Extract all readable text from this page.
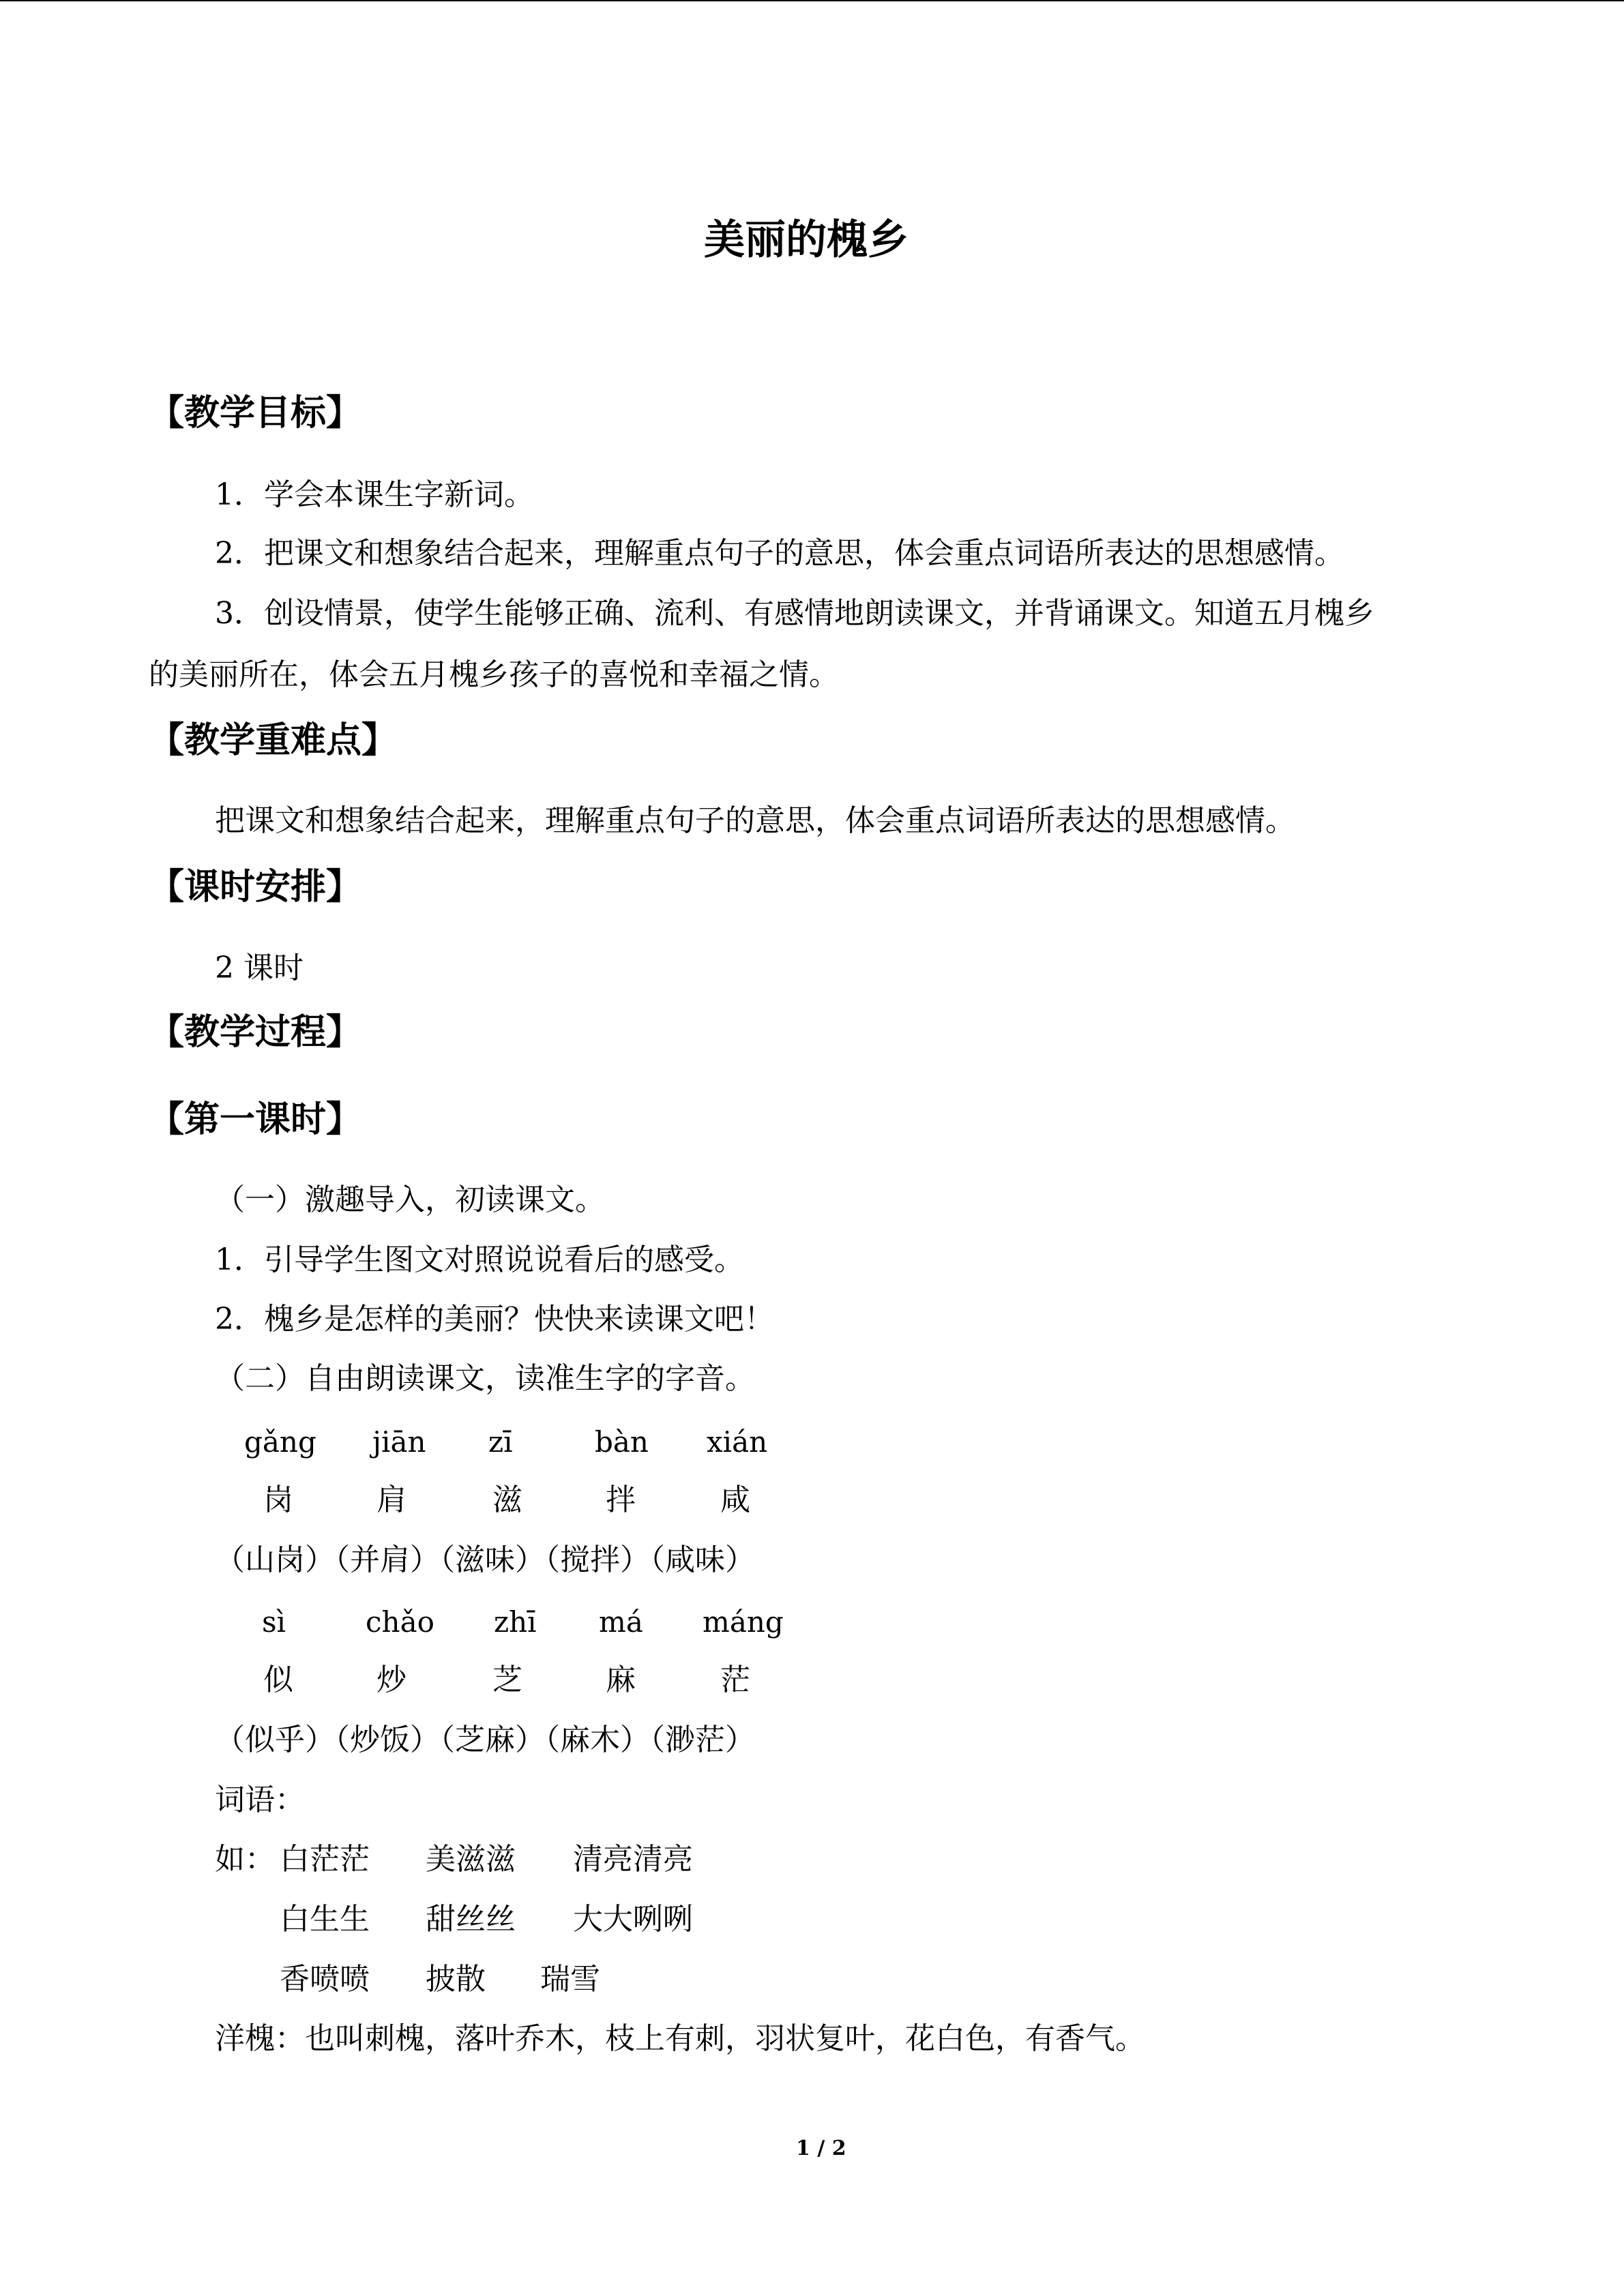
美丽的槐乡
【教学目标】
1．学会本课生字新词。
2．把课文和想象结合起来，理解重点句子的意思，体会重点词语所表达的思想感情。
3．创设情景，使学生能够正确、流利、有感情地朗读课文，并背诵课文。知道五月槐乡
的美丽所在，体会五月槐乡孩子的喜悦和幸福之情。
【教学重难点】
把课文和想象结合起来，理解重点句子的意思，体会重点词语所表达的思想感情。
【课时安排】
2 课时
【教学过程】
【第一课时】
（一）激趣导入，初读课文。
1．引导学生图文对照说说看后的感受。
2．槐乡是怎样的美丽？快快来读课文吧！
（二）自由朗读课文，读准生字的字音。
gǎng jiān zī	bàn xián
岗	肩	滋	拌	咸
（山岗）（并肩）（滋味）（搅拌）（咸味）
sì	chǎo zhī má máng
似	炒	芝	麻	茫
（似乎）（炒饭）（芝麻）（麻木）（渺茫）
词语：
如： 白茫茫 美滋滋 清亮清亮
白生生 甜丝丝 大大咧咧
香喷喷 披散 瑞雪
洋槐：也叫刺槐，落叶乔木，枝上有刺，羽状复叶，花白色，有香气。
1 / 2
